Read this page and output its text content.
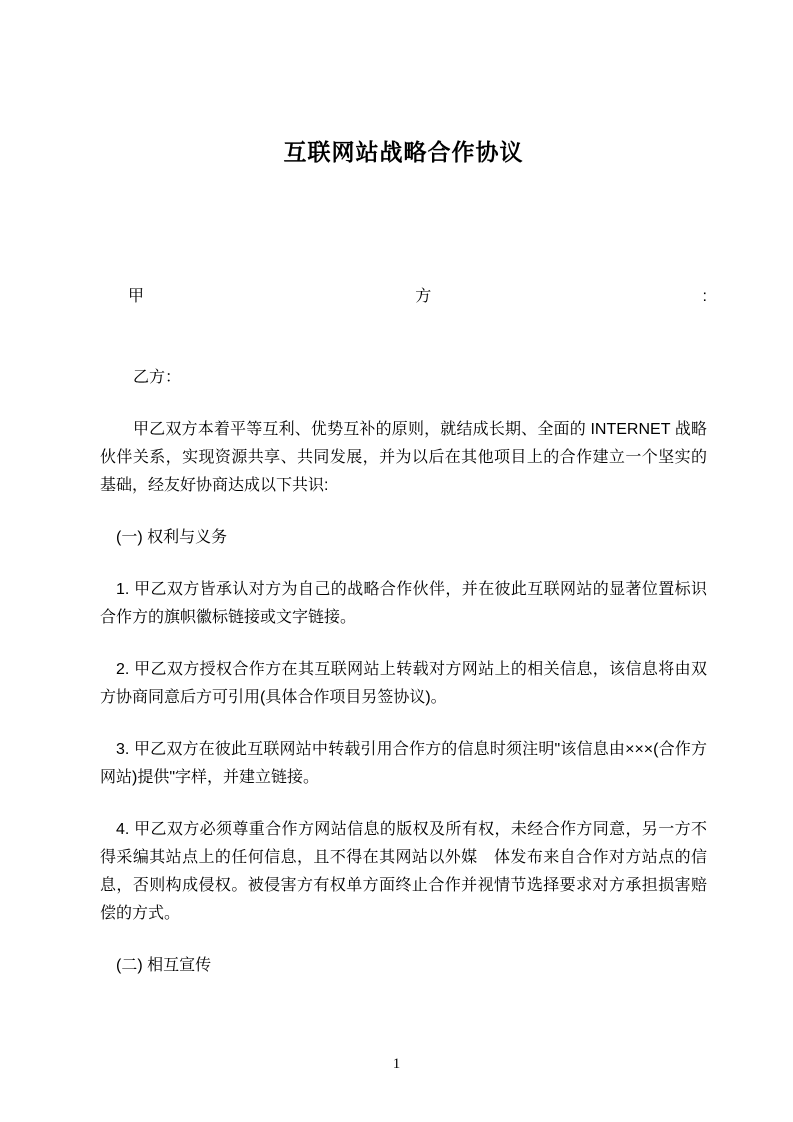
互联网站战略合作协议

甲	方	:

乙方：

甲乙双方本着平等互利、优势互补的原则，就结成长期、全面的 INTERNET 战略伙伴关系，实现资源共享、共同发展，并为以后在其他项目上的合作建立一个坚实的基础，经友好协商达成以下共识:

(一) 权利与义务

1. 甲乙双方皆承认对方为自己的战略合作伙伴，并在彼此互联网站的显著位置标识合作方的旗帜徽标链接或文字链接。

2. 甲乙双方授权合作方在其互联网站上转载对方网站上的相关信息，该信息将由双方协商同意后方可引用(具体合作项目另签协议)。

3. 甲乙双方在彼此互联网站中转载引用合作方的信息时须注明"该信息由×××(合作方网站)提供"字样，并建立链接。

4. 甲乙双方必须尊重合作方网站信息的版权及所有权，未经合作方同意，另一方不得采编其站点上的任何信息，且不得在其网站以外媒　体发布来自合作对方站点的信息，否则构成侵权。被侵害方有权单方面终止合作并视情节选择要求对方承担损害赔偿的方式。

(二) 相互宣传

1
